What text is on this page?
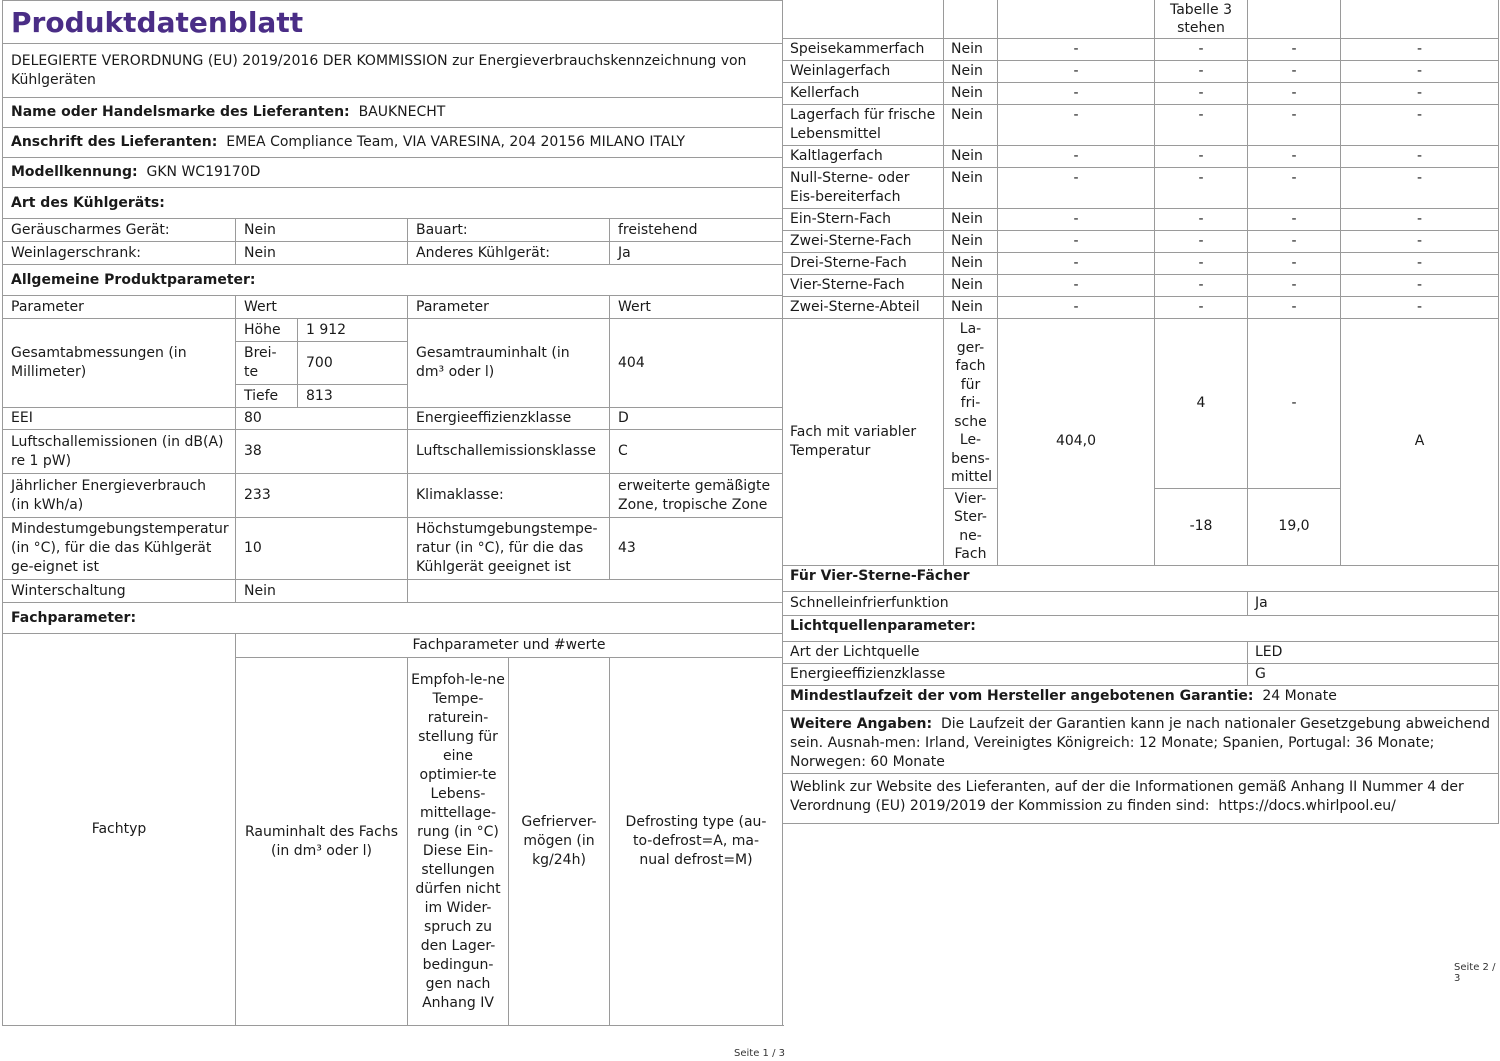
Produktdatenblatt					
DELEGIERTE VERORDNUNG (EU) 2019/2016 DER KOMMISSION zur Energieverbrauchskennzeichnung von Kühlgeräten					
Name oder Handelsmarke des Lieferanten: BAUKNECHT					
Anschrift des Lieferanten: EMEA Compliance Team, VIA VARESINA, 204 20156 MILANO ITALY					
Modellkennung: GKN WC19170D					
Art des Kühlgeräts:					
Geräuscharmes Gerät:	Nein		Bauart:		freistehend
Weinlagerschrank:	Nein		Anderes Kühlgerät:		Ja
Allgemeine Produktparameter:					
Parameter	Wert		Parameter		Wert
Gesamtabmessungen (in Millimeter)	Höhe	1 912	Gesamtrauminhalt (in dm³ oder l)		404
	Brei-te	700			
	Tiefe	813			
EEI	80		Energieeffizienzklasse		D
Luftschallemissionen (in dB(A) re 1 pW)	38		Luftschallemissionsklasse		C
Jährlicher Energieverbrauch (in kWh/a)	233		Klimaklasse:		erweiterte gemäßigte Zone, tropische Zone
Mindestumgebungstemperatur (in °C), für die das Kühlgerät ge-eignet ist	10		Höchstumgebungstempe-ratur (in °C), für die das Kühlgerät geeignet ist		43
Winterschaltung	Nein				
Fachparameter:					
Fachtyp	Fachparameter und #werte				
	Rauminhalt des Fachs (in dm³ oder l)		Empfoh-le-ne Tempe-raturein-stellung für eine optimier-te Lebens-mittellage-rung (in °C) Diese Ein-stellungen dürfen nicht im Wider-spruch zu den Lager-bedingun-gen nach Anhang IV	Gefrierver-mögen (in kg/24h)	Defrosting type (au-to-defrost=A, ma-nual defrost=M)
			Tabelle 3 stehen		
Speisekammerfach	Nein	-	-	-	-
Weinlagerfach	Nein	-	-	-	-
Kellerfach	Nein	-	-	-	-
Lagerfach für frische Lebensmittel	Nein	-	-	-	-
Kaltlagerfach	Nein	-	-	-	-
Null-Sterne- oder Eis-bereiterfach	Nein	-	-	-	-
Ein-Stern-Fach	Nein	-	-	-	-
Zwei-Sterne-Fach	Nein	-	-	-	-
Drei-Sterne-Fach	Nein	-	-	-	-
Vier-Sterne-Fach	Nein	-	-	-	-
Zwei-Sterne-Abteil	Nein	-	-	-	-
Fach mit variabler Temperatur	La-ger-fach für fri-sche Le-bens-mittel	404,0	4	-	A
	Vier-Ster-ne-Fach		-18	19,0	
Für Vier-Sterne-Fächer					
Schnelleinfrierfunktion				Ja	
Lichtquellenparameter:					
Art der Lichtquelle				LED	
Energieeffizienzklasse				G	
Mindestlaufzeit der vom Hersteller angebotenen Garantie: 24 Monate					
Weitere Angaben: Die Laufzeit der Garantien kann je nach nationaler Gesetzgebung abweichend sein. Ausnah-men: Irland, Vereinigtes Königreich: 12 Monate; Spanien, Portugal: 36 Monate; Norwegen: 60 Monate					
Weblink zur Website des Lieferanten, auf der die Informationen gemäß Anhang II Nummer 4 der Verordnung (EU) 2019/2019 der Kommission zu finden sind: https://docs.whirlpool.eu/					
Seite 1 / 3
Seite 2 / 3
